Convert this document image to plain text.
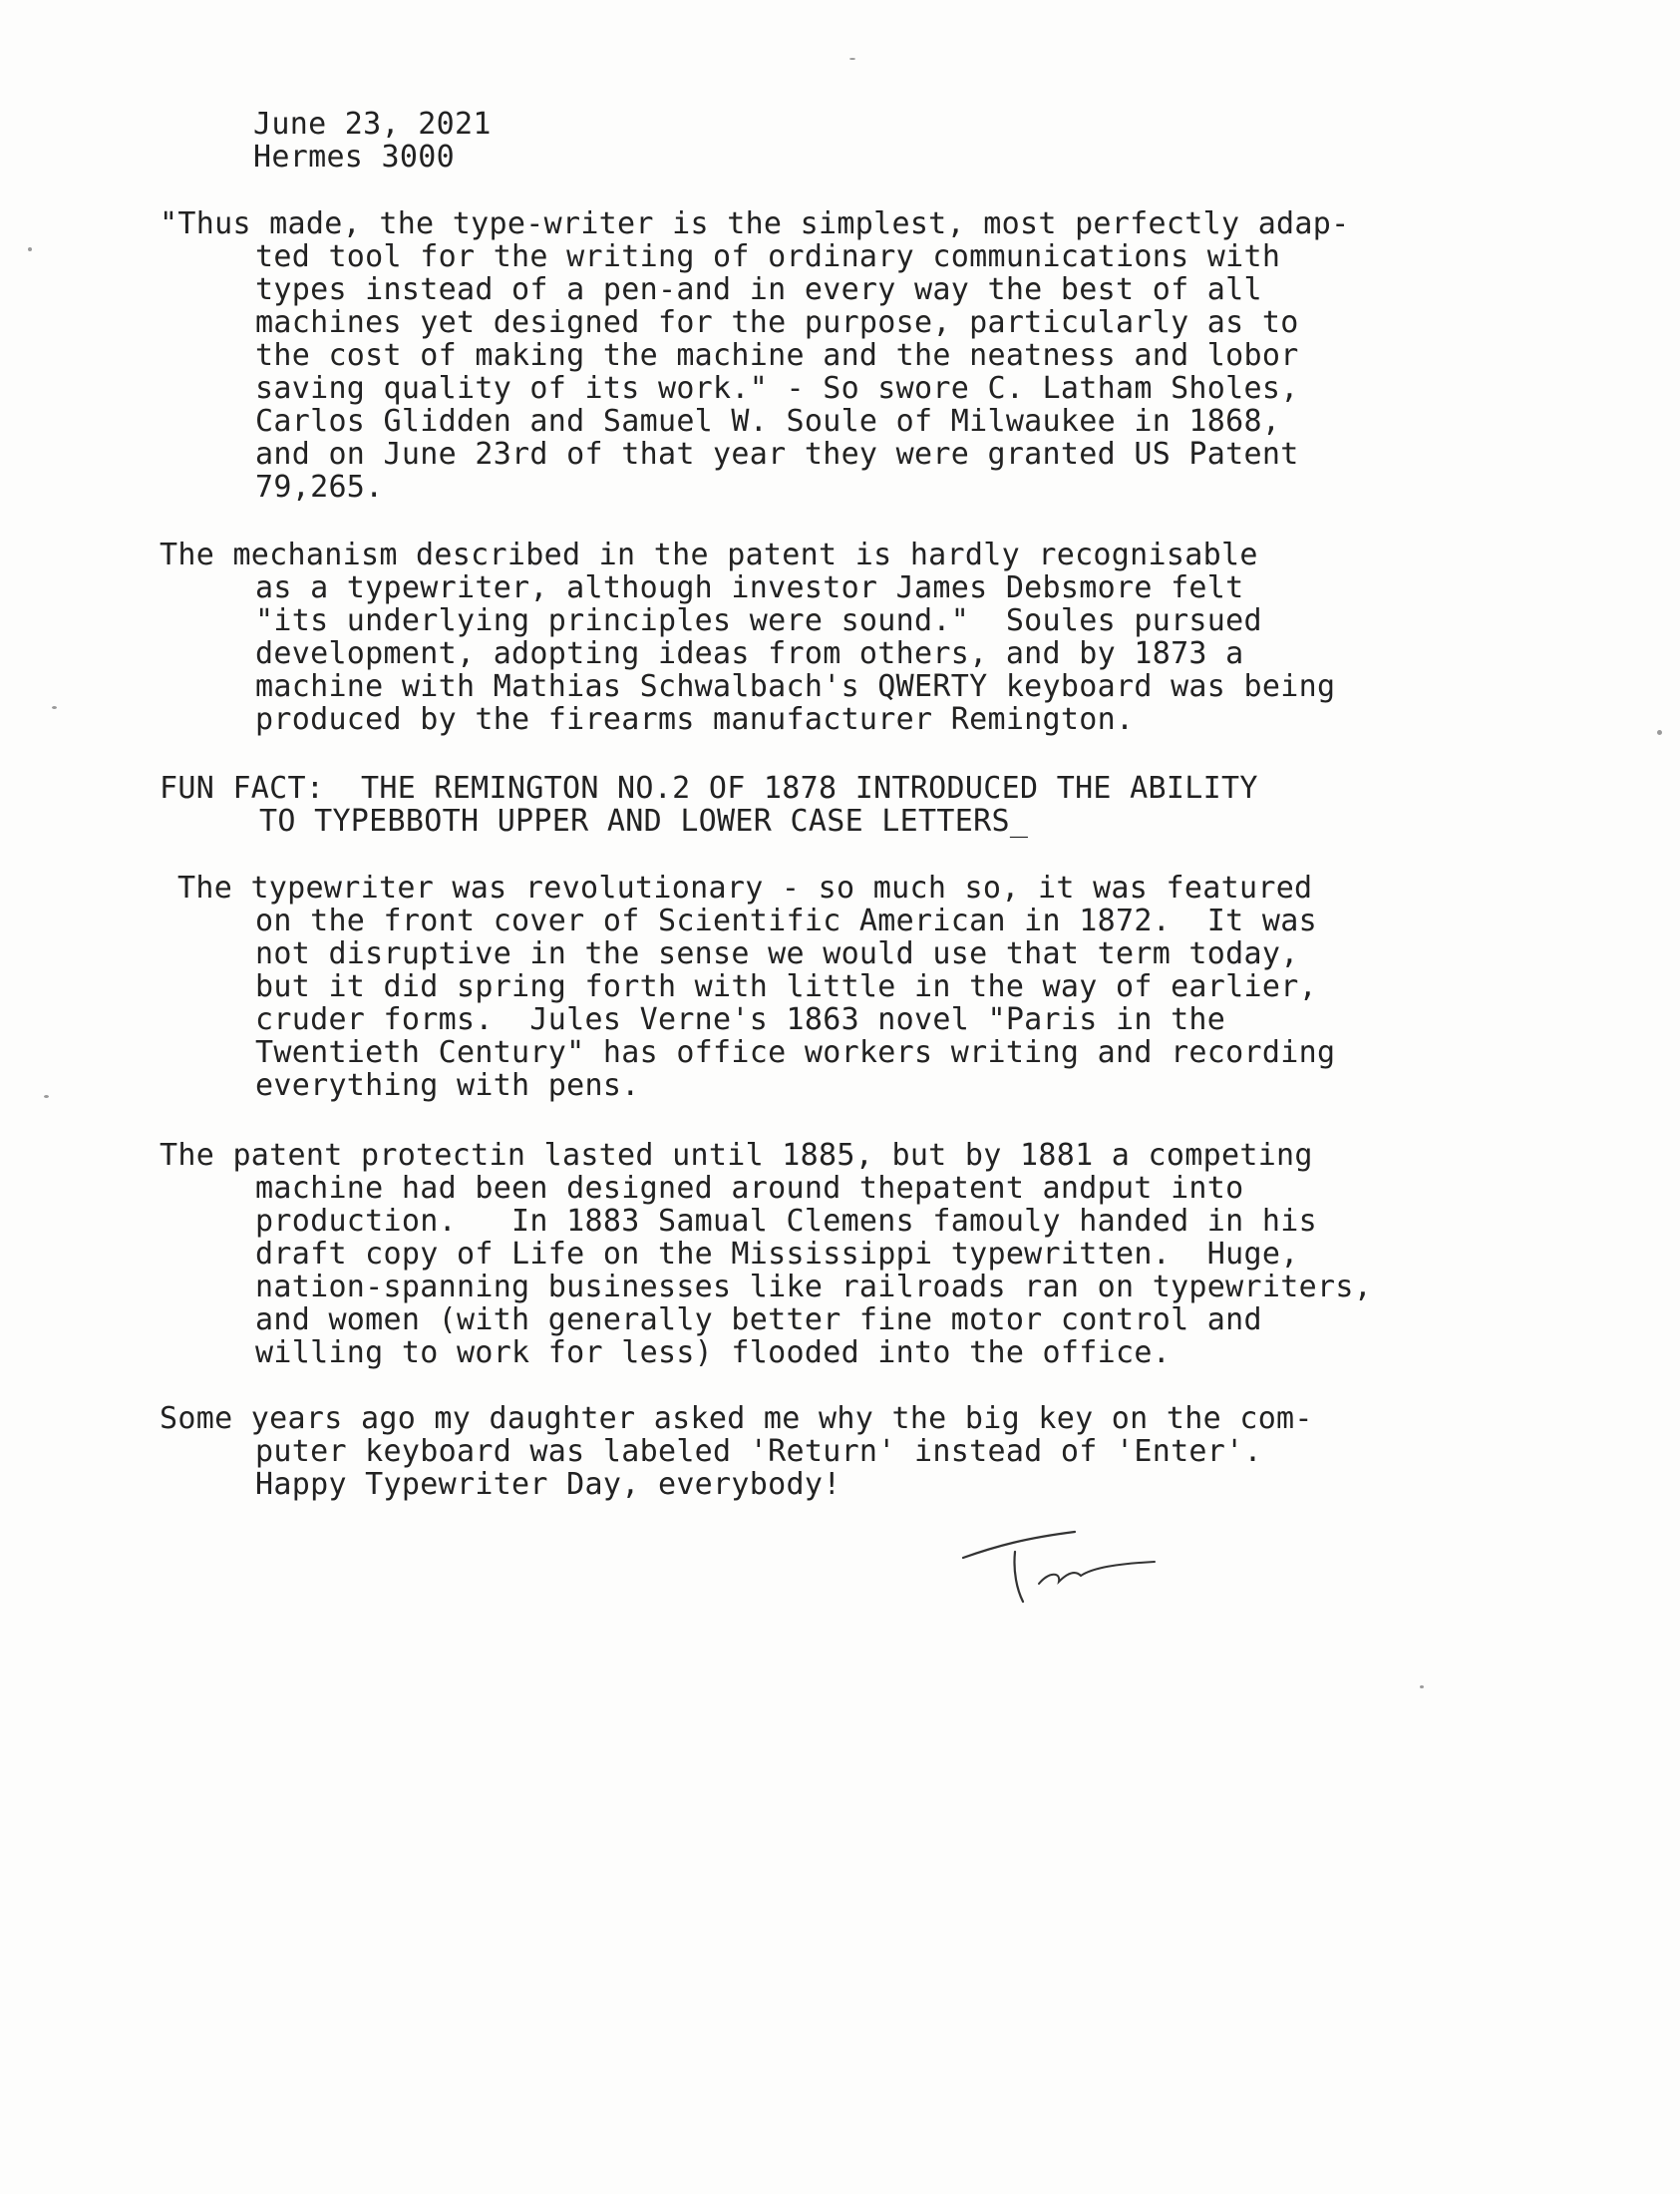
June 23, 2021
Hermes 3000
"Thus made, the type-writer is the simplest, most perfectly adap-
ted tool for the writing of ordinary communications with
types instead of a pen-and in every way the best of all
machines yet designed for the purpose, particularly as to
the cost of making the machine and the neatness and lobor
saving quality of its work." - So swore C. Latham Sholes,
Carlos Glidden and Samuel W. Soule of Milwaukee in 1868,
and on June 23rd of that year they were granted US Patent
79,265.
The mechanism described in the patent is hardly recognisable
as a typewriter, although investor James Debsmore felt
"its underlying principles were sound."  Soules pursued
development, adopting ideas from others, and by 1873 a
machine with Mathias Schwalbach's QWERTY keyboard was being
produced by the firearms manufacturer Remington.
FUN FACT:  THE REMINGTON NO.2 OF 1878 INTRODUCED THE ABILITY
TO TYPEBBOTH UPPER AND LOWER CASE LETTERS_
The typewriter was revolutionary - so much so, it was featured
on the front cover of Scientific American in 1872.  It was
not disruptive in the sense we would use that term today,
but it did spring forth with little in the way of earlier,
cruder forms.  Jules Verne's 1863 novel "Paris in the
Twentieth Century" has office workers writing and recording
everything with pens.
The patent protectin lasted until 1885, but by 1881 a competing
machine had been designed around thepatent andput into
production.   In 1883 Samual Clemens famouly handed in his
draft copy of Life on the Mississippi typewritten.  Huge,
nation-spanning businesses like railroads ran on typewriters,
and women (with generally better fine motor control and
willing to work for less) flooded into the office.
Some years ago my daughter asked me why the big key on the com-
puter keyboard was labeled 'Return' instead of 'Enter'.
Happy Typewriter Day, everybody!
